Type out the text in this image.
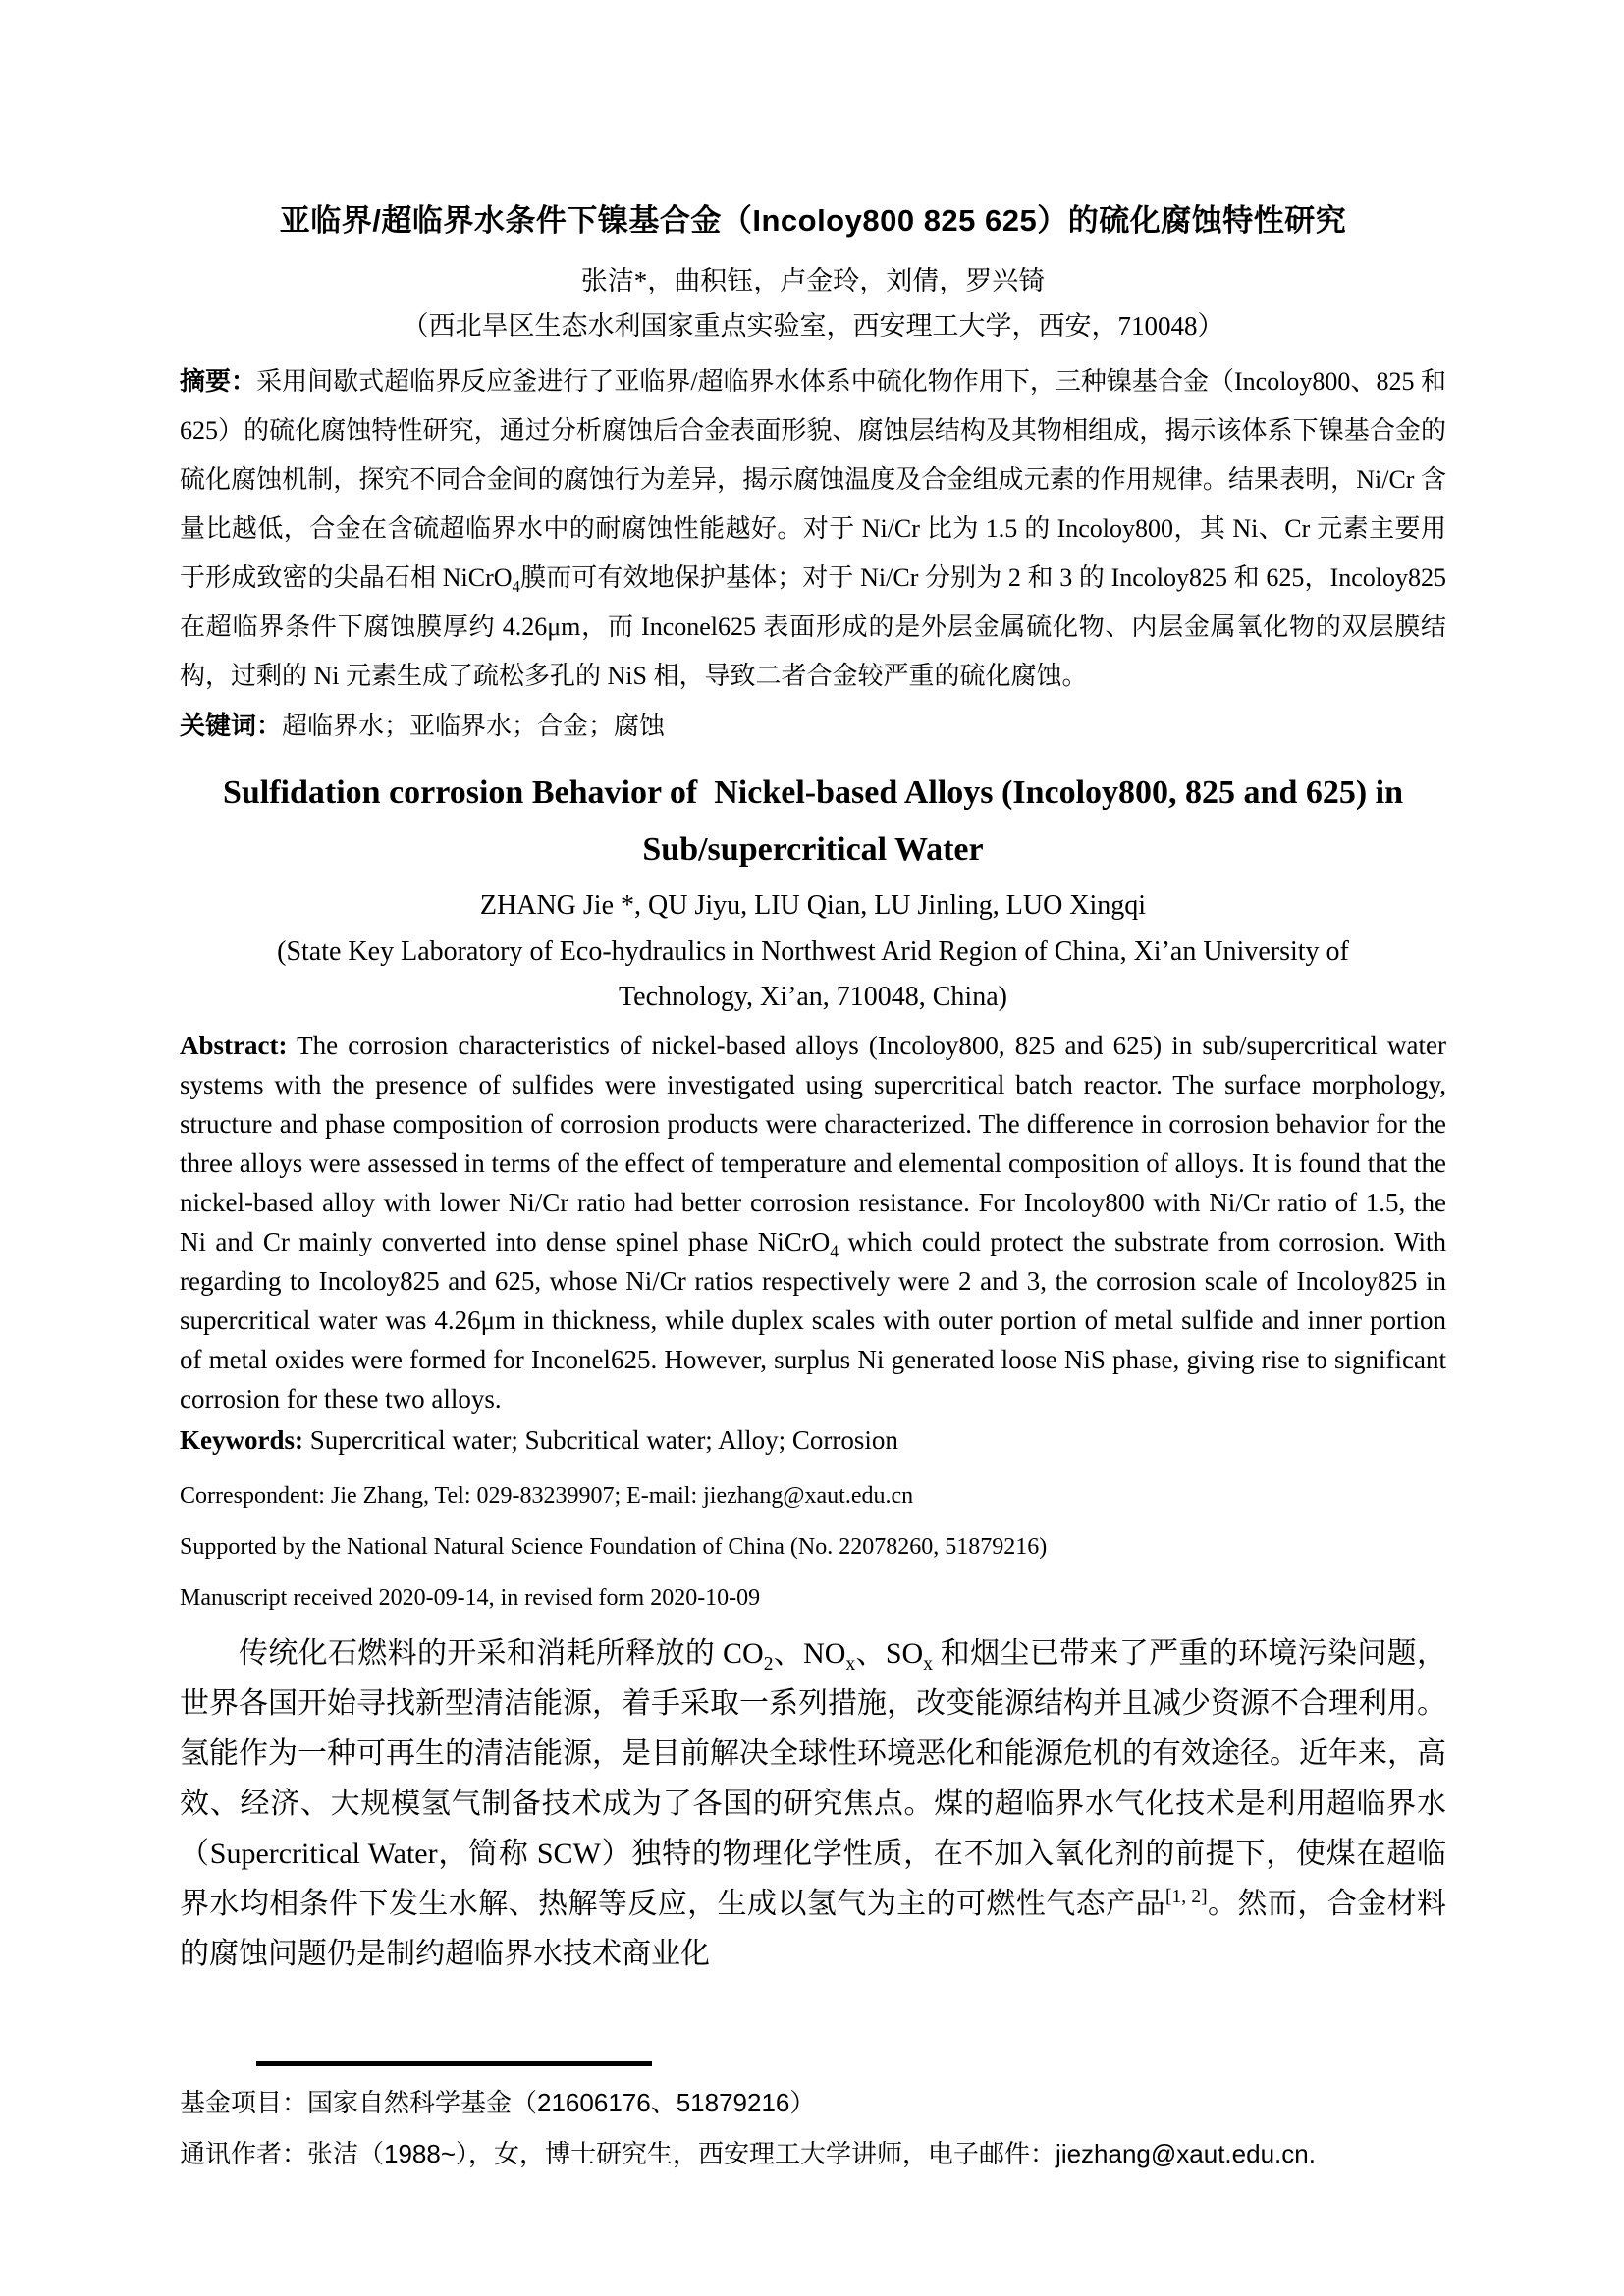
亚临界/超临界水条件下镍基合金（Incoloy800 825 625）的硫化腐蚀特性研究
张洁*，曲积钰，卢金玲，刘倩，罗兴锜
（西北旱区生态水利国家重点实验室，西安理工大学，西安，710048）
摘要：采用间歇式超临界反应釜进行了亚临界/超临界水体系中硫化物作用下，三种镍基合金（Incoloy800、825 和 625）的硫化腐蚀特性研究，通过分析腐蚀后合金表面形貌、腐蚀层结构及其物相组成，揭示该体系下镍基合金的硫化腐蚀机制，探究不同合金间的腐蚀行为差异，揭示腐蚀温度及合金组成元素的作用规律。结果表明，Ni/Cr 含量比越低，合金在含硫超临界水中的耐腐蚀性能越好。对于 Ni/Cr 比为 1.5 的 Incoloy800，其 Ni、Cr 元素主要用于形成致密的尖晶石相 NiCrO$_4$膜而可有效地保护基体；对于 Ni/Cr 分别为 2 和 3 的 Incoloy825 和 625，Incoloy825 在超临界条件下腐蚀膜厚约 4.26μm，而 Inconel625 表面形成的是外层金属硫化物、内层金属氧化物的双层膜结构，过剩的 Ni 元素生成了疏松多孔的 NiS 相，导致二者合金较严重的硫化腐蚀。
关键词：超临界水；亚临界水；合金；腐蚀
Sulfidation corrosion Behavior of  Nickel-based Alloys (Incoloy800, 825 and 625) in
Sub/supercritical Water
ZHANG Jie *, QU Jiyu, LIU Qian, LU Jinling, LUO Xingqi
(State Key Laboratory of Eco-hydraulics in Northwest Arid Region of China, Xi’an University of
Technology, Xi’an, 710048, China)
Abstract: The corrosion characteristics of nickel-based alloys (Incoloy800, 825 and 625) in sub/supercritical water systems with the presence of sulfides were investigated using supercritical batch reactor. The surface morphology, structure and phase composition of corrosion products were characterized. The difference in corrosion behavior for the three alloys were assessed in terms of the effect of temperature and elemental composition of alloys. It is found that the nickel-based alloy with lower Ni/Cr ratio had better corrosion resistance. For Incoloy800 with Ni/Cr ratio of 1.5, the Ni and Cr mainly converted into dense spinel phase NiCrO$_4$ which could protect the substrate from corrosion. With regarding to Incoloy825 and 625, whose Ni/Cr ratios respectively were 2 and 3, the corrosion scale of Incoloy825 in supercritical water was 4.26μm in thickness, while duplex scales with outer portion of metal sulfide and inner portion of metal oxides were formed for Inconel625. However, surplus Ni generated loose NiS phase, giving rise to significant corrosion for these two alloys.
Keywords: Supercritical water; Subcritical water; Alloy; Corrosion
Correspondent: Jie Zhang, Tel: 029-83239907; E-mail: jiezhang@xaut.edu.cn
Supported by the National Natural Science Foundation of China (No. 22078260, 51879216)
Manuscript received 2020-09-14, in revised form 2020-10-09
传统化石燃料的开采和消耗所释放的 $CO_2$、$NO_x$、$SO_x$ 和烟尘已带来了严重的环境污染问题，世界各国开始寻找新型清洁能源，着手采取一系列措施，改变能源结构并且减少资源不合理利用。氢能作为一种可再生的清洁能源，是目前解决全球性环境恶化和能源危机的有效途径。近年来，高效、经济、大规模氢气制备技术成为了各国的研究焦点。煤的超临界水气化技术是利用超临界水（Supercritical Water，简称 SCW）独特的物理化学性质，在不加入氧化剂的前提下，使煤在超临界水均相条件下发生水解、热解等反应，生成以氢气为主的可燃性气态产品[1, 2]。然而，合金材料的腐蚀问题仍是制约超临界水技术商业化
基金项目：国家自然科学基金（21606176、51879216）
通讯作者：张洁（1988~），女，博士研究生，西安理工大学讲师，电子邮件：jiezhang@xaut.edu.cn.
